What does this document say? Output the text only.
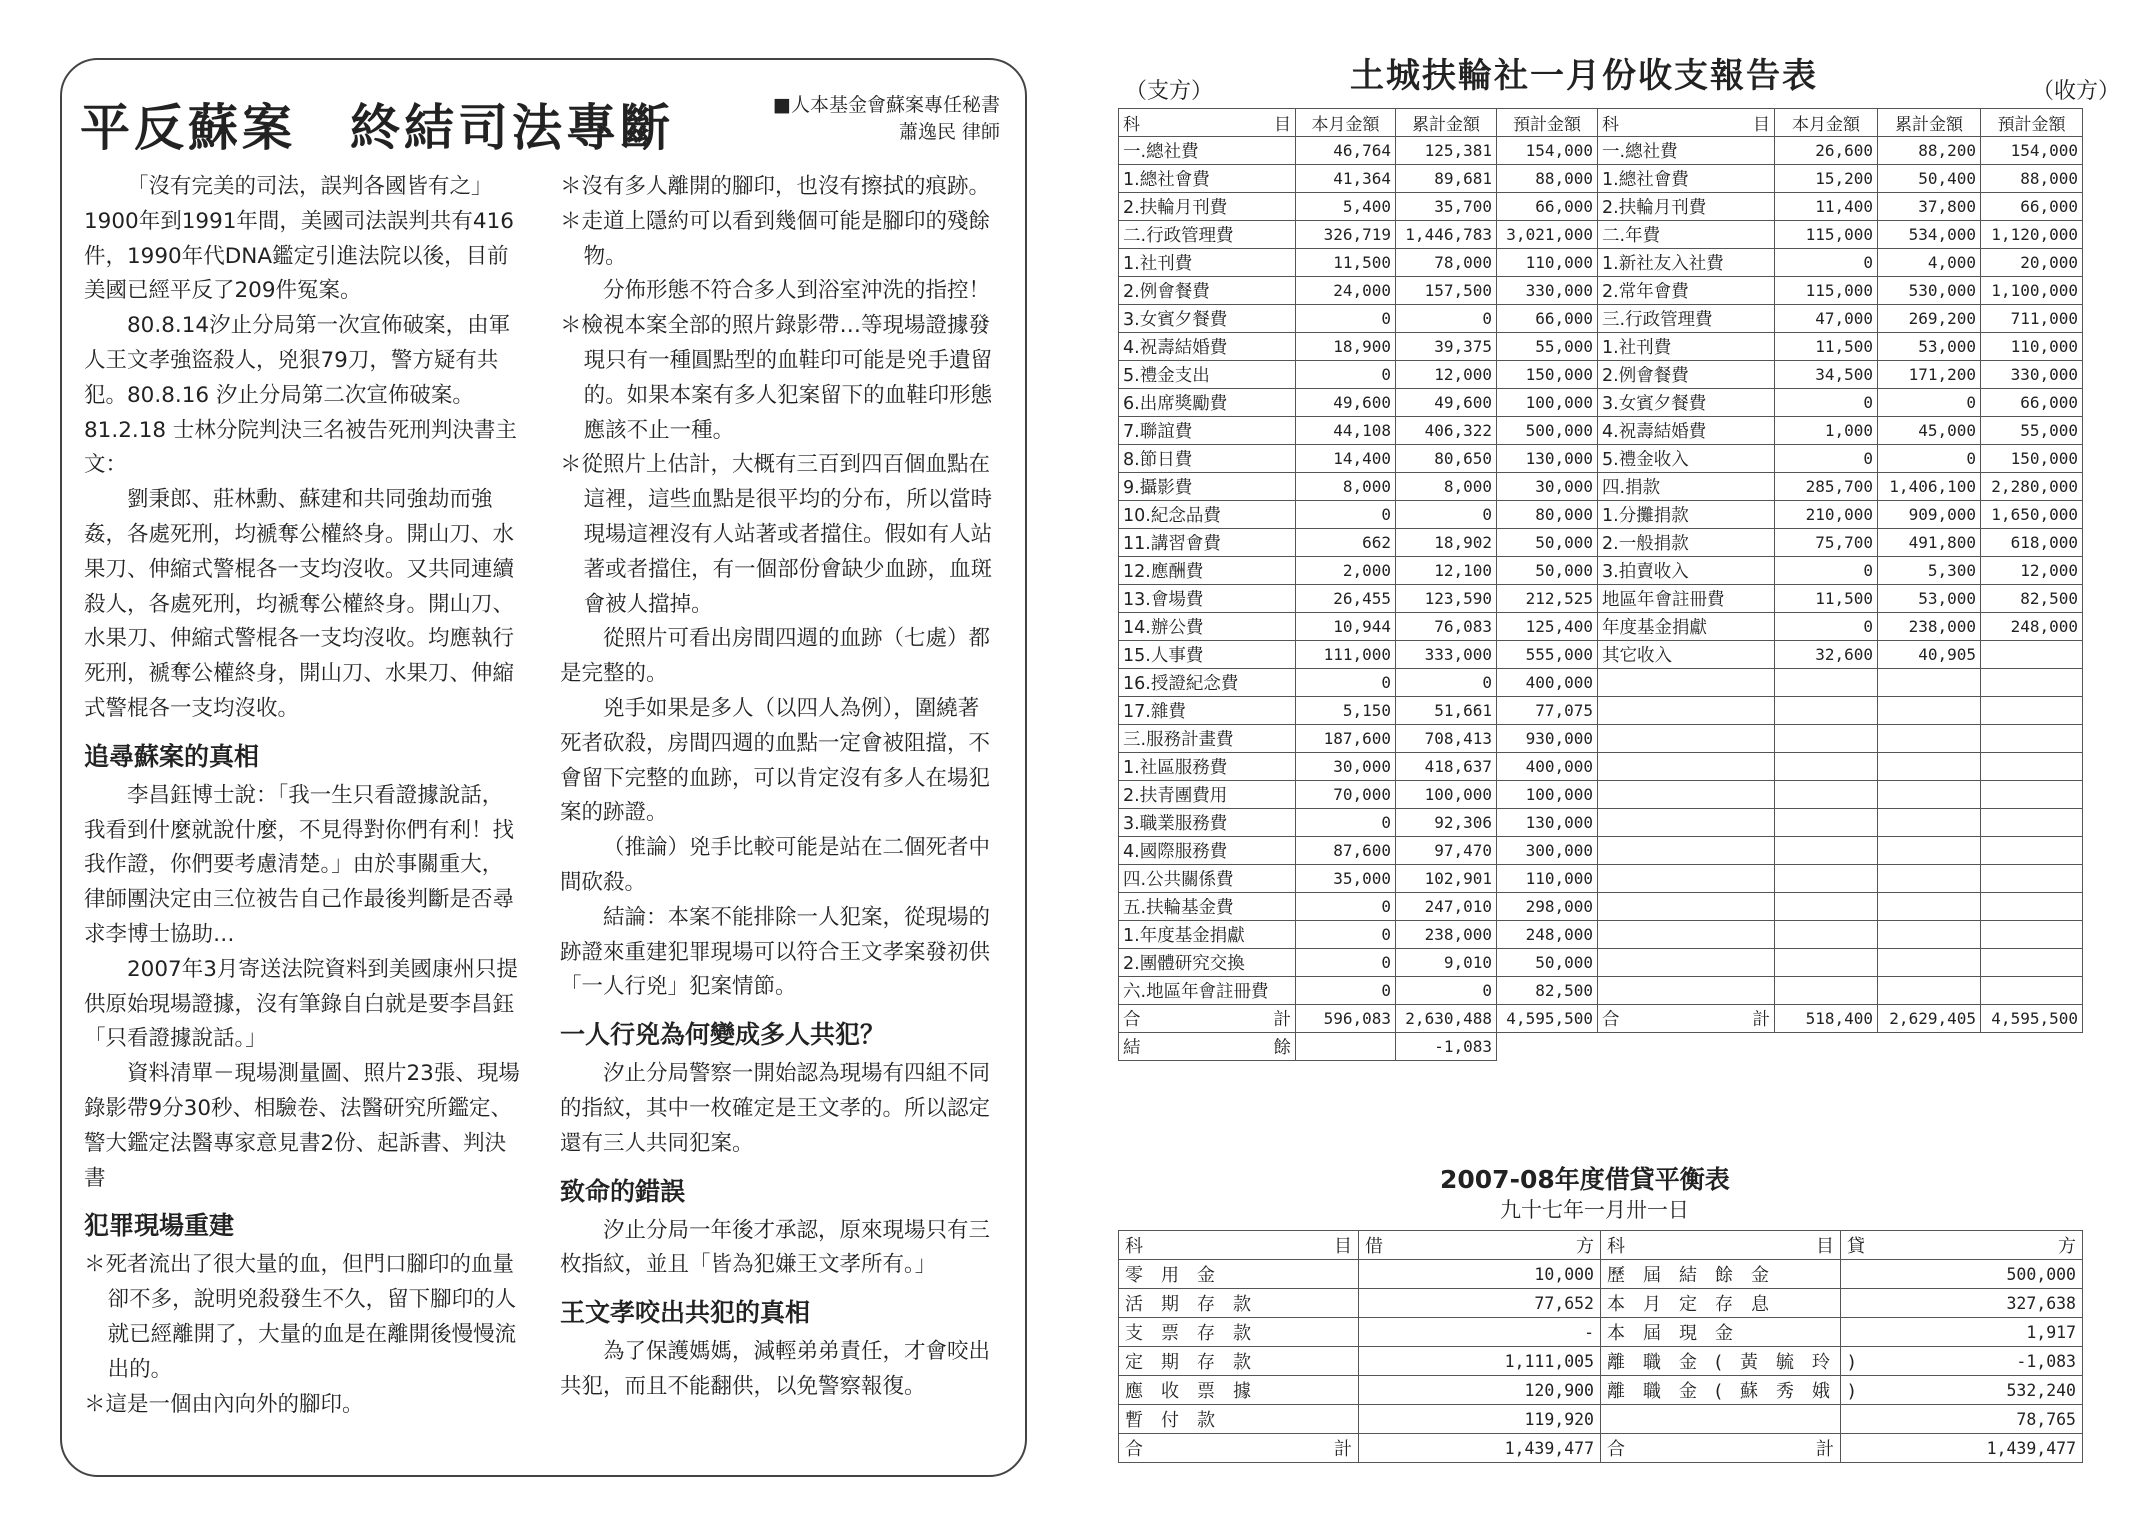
平反蘇案　終結司法專斷	■人本基金會蘇案專任秘書
蕭逸民 律師

「沒有完美的司法，誤判各國皆有之」1900年到1991年間，美國司法誤判共有416件，1990年代DNA鑑定引進法院以後，目前美國已經平反了209件冤案。

80.8.14汐止分局第一次宣佈破案，由軍人王文孝強盜殺人，兇狠79刀，警方疑有共犯。80.8.16 汐止分局第二次宣佈破案。81.2.18 士林分院判決三名被告死刑判決書主文：

劉秉郎、莊林勳、蘇建和共同強劫而強姦，各處死刑，均褫奪公權終身。開山刀、水果刀、伸縮式警棍各一支均沒收。又共同連續殺人，各處死刑，均褫奪公權終身。開山刀、水果刀、伸縮式警棍各一支均沒收。均應執行死刑，褫奪公權終身，開山刀、水果刀、伸縮式警棍各一支均沒收。

追尋蘇案的真相

李昌鈺博士說：「我一生只看證據說話，我看到什麼就說什麼，不見得對你們有利！找我作證，你們要考慮清楚。」由於事關重大，律師團決定由三位被告自己作最後判斷是否尋求李博士協助…

2007年3月寄送法院資料到美國康州只提供原始現場證據，沒有筆錄自白就是要李昌鈺「只看證據說話。」

資料清單－現場測量圖、照片23張、現場錄影帶9分30秒、相驗卷、法醫研究所鑑定、警大鑑定法醫專家意見書2份、起訴書、判決書

犯罪現場重建

＊死者流出了很大量的血，但門口腳印的血量卻不多，說明兇殺發生不久，留下腳印的人就已經離開了，大量的血是在離開後慢慢流出的。

＊這是一個由內向外的腳印。

＊沒有多人離開的腳印，也沒有擦拭的痕跡。

＊走道上隱約可以看到幾個可能是腳印的殘餘物。

分佈形態不符合多人到浴室沖洗的指控！

＊檢視本案全部的照片錄影帶…等現場證據發現只有一種圓點型的血鞋印可能是兇手遺留的。如果本案有多人犯案留下的血鞋印形態應該不止一種。

＊從照片上估計，大概有三百到四百個血點在這裡，這些血點是很平均的分布，所以當時現場這裡沒有人站著或者擋住。假如有人站著或者擋住，有一個部份會缺少血跡，血斑會被人擋掉。

從照片可看出房間四週的血跡（七處）都是完整的。

兇手如果是多人（以四人為例），圍繞著死者砍殺，房間四週的血點一定會被阻擋，不會留下完整的血跡，可以肯定沒有多人在場犯案的跡證。

（推論）兇手比較可能是站在二個死者中間砍殺。

結論：本案不能排除一人犯案，從現場的跡證來重建犯罪現場可以符合王文孝案發初供「一人行兇」犯案情節。

一人行兇為何變成多人共犯？

汐止分局警察一開始認為現場有四組不同的指紋，其中一枚確定是王文孝的。所以認定還有三人共同犯案。

致命的錯誤

汐止分局一年後才承認，原來現場只有三枚指紋，並且「皆為犯嫌王文孝所有。」

王文孝咬出共犯的真相

為了保護媽媽，減輕弟弟責任，才會咬出共犯，而且不能翻供，以免警察報復。

土城扶輪社一月份收支報告表
（支方）	（收方）
科 目	本月金額	累計金額	預計金額	科 目	本月金額	累計金額	預計金額
一.總社費	46,764	125,381	154,000	一.總社費	26,600	88,200	154,000
1.總社會費	41,364	89,681	88,000	1.總社會費	15,200	50,400	88,000
2.扶輪月刊費	5,400	35,700	66,000	2.扶輪月刊費	11,400	37,800	66,000
二.行政管理費	326,719	1,446,783	3,021,000	二.年費	115,000	534,000	1,120,000
1.社刊費	11,500	78,000	110,000	1.新社友入社費	0	4,000	20,000
2.例會餐費	24,000	157,500	330,000	2.常年會費	115,000	530,000	1,100,000
3.女賓夕餐費	0	0	66,000	三.行政管理費	47,000	269,200	711,000
4.祝壽結婚費	18,900	39,375	55,000	1.社刊費	11,500	53,000	110,000
5.禮金支出	0	12,000	150,000	2.例會餐費	34,500	171,200	330,000
6.出席獎勵費	49,600	49,600	100,000	3.女賓夕餐費	0	0	66,000
7.聯誼費	44,108	406,322	500,000	4.祝壽結婚費	1,000	45,000	55,000
8.節日費	14,400	80,650	130,000	5.禮金收入	0	0	150,000
9.攝影費	8,000	8,000	30,000	四.捐款	285,700	1,406,100	2,280,000
10.紀念品費	0	0	80,000	1.分攤捐款	210,000	909,000	1,650,000
11.講習會費	662	18,902	50,000	2.一般捐款	75,700	491,800	618,000
12.應酬費	2,000	12,100	50,000	3.拍賣收入	0	5,300	12,000
13.會場費	26,455	123,590	212,525	地區年會註冊費	11,500	53,000	82,500
14.辦公費	10,944	76,083	125,400	年度基金捐獻	0	238,000	248,000
15.人事費	111,000	333,000	555,000	其它收入	32,600	40,905	
16.授證紀念費	0	0	400,000				
17.雜費	5,150	51,661	77,075				
三.服務計畫費	187,600	708,413	930,000				
1.社區服務費	30,000	418,637	400,000				
2.扶青團費用	70,000	100,000	100,000				
3.職業服務費	0	92,306	130,000				
4.國際服務費	87,600	97,470	300,000				
四.公共關係費	35,000	102,901	110,000				
五.扶輪基金費	0	247,010	298,000				
1.年度基金捐獻	0	238,000	248,000				
2.團體研究交換	0	9,010	50,000				
六.地區年會註冊費	0	0	82,500				

合 計	596,083	2,630,488	4,595,500	合 計	518,400	2,629,405	4,595,500

結 餘		-1,083					
2007-08年度借貸平衡表
九十七年一月卅一日
科 目	借 方	科 目	貸 方

零用金	10,000	歷屆結餘金	500,000
活期存款	77,652	本月定存息	327,638
支票存款	-	本屆現金	1,917
定期存款	1,111,005	離職金(黃毓玲)	-1,083
應收票據	120,900	離職金(蘇秀娥)	532,240
暫付款	119,920		78,765

合 計	1,439,477	合 計	1,439,477
